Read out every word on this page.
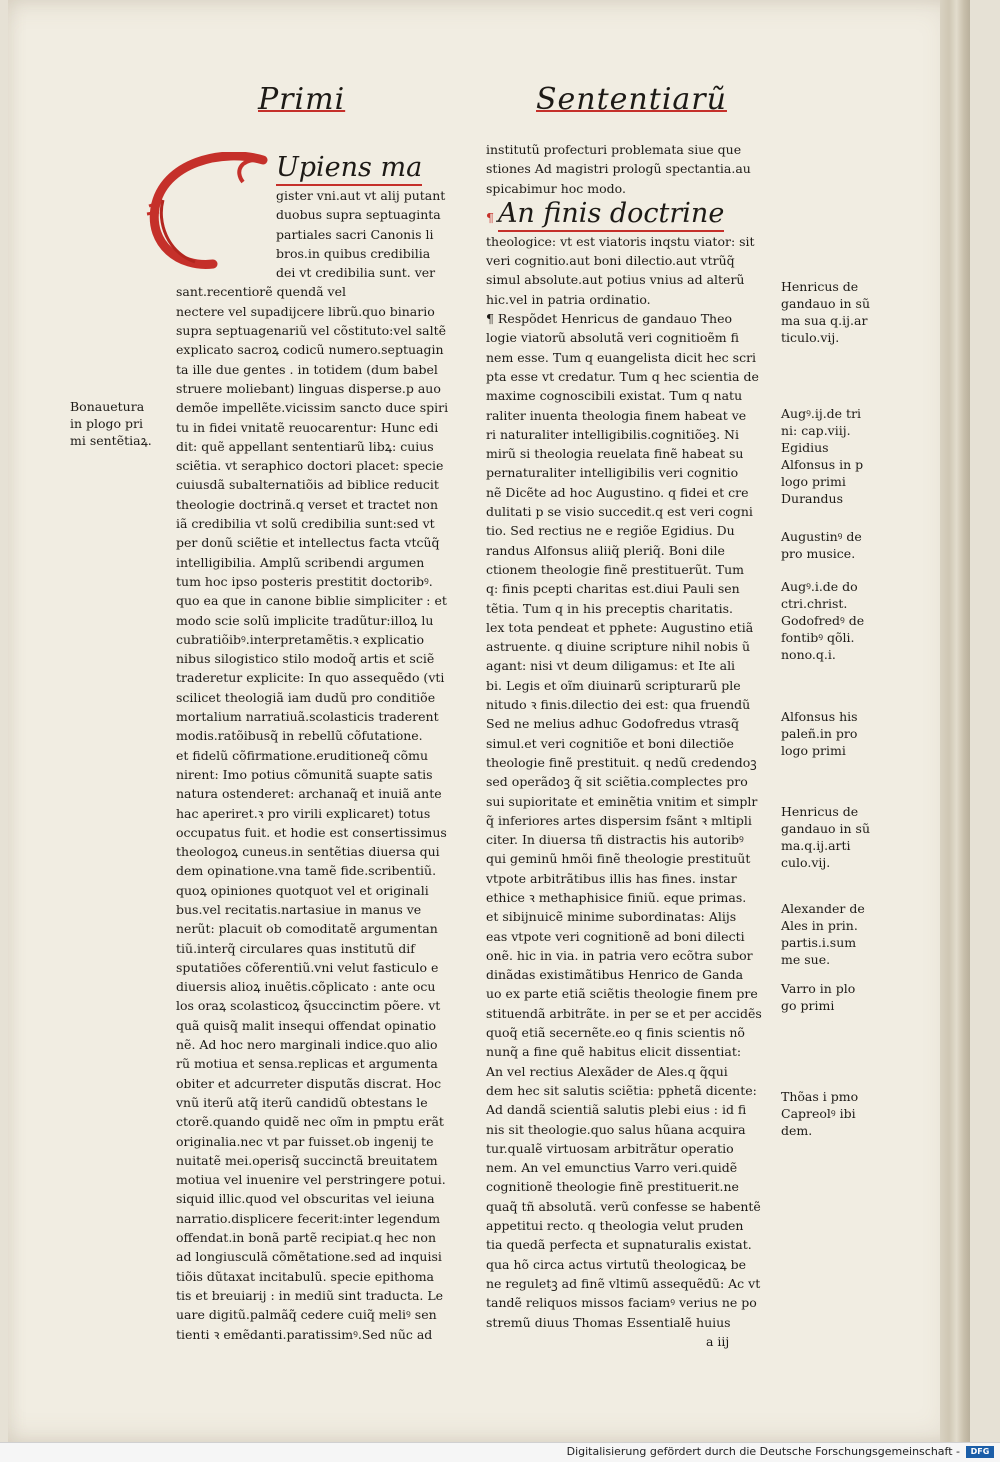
Primi	Sententiarũ
Upiens ma
gister vni.aut vt alij putant
duobus supra septuaginta
partiales sacri Canonis li
bros.in quibus credibilia
dei vt credibilia sunt. ver
sant.recentiorẽ quendã vel
nectere vel supadijcere librũ.quo binario
supra septuagenariũ vel cõstituto:vel saltẽ
explicato sacroꝝ codicũ numero.septuagin
ta ille due gentes . in totidem (dum babel
struere moliebant) linguas disperse.p auo
demõe impellẽte.vicissim sancto duce spiri
tu in fidei vnitatẽ reuocarentur: Hunc edi
dit: quẽ appellant sententiarũ libꝝ: cuius
sciẽtia. vt seraphico doctori placet: specie
cuiusdã subalternatiõis ad biblice reducit
theologie doctrinã.q verset et tractet non
iã credibilia vt solũ credibilia sunt:sed vt
per donũ sciẽtie et intellectus facta vtcũq̃
intelligibilia. Amplũ scribendi argumen
tum hoc ipso posteris prestitit doctoribꝰ.
quo ea que in canone biblie simpliciter : et
modo scie solũ implicite tradũtur:illoꝝ lu
cubratiõibꝰ.interpretamẽtis.ꝛ explicatio
nibus silogistico stilo modoq̃ artis et sciẽ
traderetur explicite: In quo assequẽdo (vti
scilicet theologiã iam dudũ pro conditiõe
mortalium narratiuã.scolasticis traderent
modis.ratõibusq̃ in rebellũ cõfutatione.
et fidelũ cõfirmatione.eruditioneq̃ cõmu
nirent: Imo potius cõmunitã suapte satis
natura ostenderet: archanaq̃ et inuiã ante
hac aperiret.ꝛ pro virili explicaret) totus
occupatus fuit. et hodie est consertissimus
theologoꝝ cuneus.in sentẽtias diuersa qui
dem opinatione.vna tamẽ fide.scribentiũ.
quoꝝ opiniones quotquot vel et originali
bus.vel recitatis.nartasiue in manus ve
nerũt: placuit ob comoditatẽ argumentan
tiũ.interq̃ circulares quas institutũ dif
sputatiões cõferentiũ.vni velut fasticulo e
diuersis alioꝝ inuẽtis.cõplicato : ante ocu
los oraꝝ scolasticoꝝ q̃succinctim põere. vt
quã quisq̃ malit insequi offendat opinatio
nẽ. Ad hoc nero marginali indice.quo alio
rũ motiua et sensa.replicas et argumenta
obiter et adcurreter disputãs discrat. Hoc
vnũ iterũ atq̃ iterũ candidũ obtestans le
ctorẽ.quando quidẽ nec oĩm in pmptu erãt
originalia.nec vt par fuisset.ob ingenij te
nuitatẽ mei.operisq̃ succinctã breuitatem
motiua vel inuenire vel perstringere potui.
siquid illic.quod vel obscuritas vel ieiuna
narratio.displicere fecerit:inter legendum
offendat.in bonã partẽ recipiat.q hec non
ad longiusculã cõmẽtatione.sed ad inquisi
tiõis dũtaxat incitabulũ. specie epithoma
tis et breuiarij : in mediũ sint traducta. Le
uare digitũ.palmãq̃ cedere cuiq̃ meliꝰ sen
tienti ꝛ emẽdanti.paratissimꝰ.Sed nũc ad
institutũ profecturi problemata siue que
stiones Ad magistri prologũ spectantia.au
spicabimur hoc modo.
¶ An finis doctrine
theologice: vt est viatoris inqstu viator: sit
veri cognitio.aut boni dilectio.aut vtrũq̃
simul absolute.aut potius vnius ad alterũ
hic.vel in patria ordinatio.
¶ Respõdet Henricus de gandauo Theo
logie viatorũ absolutã veri cognitioẽm fi
nem esse. Tum q euangelista dicit hec scri
pta esse vt credatur. Tum q hec scientia de
maxime cognoscibili existat. Tum q natu
raliter inuenta theologia finem habeat ve
ri naturaliter intelligibilis.cognitiõeꝫ. Ni
mirũ si theologia reuelata finẽ habeat su
pernaturaliter intelligibilis veri cognitio
nẽ Dicẽte ad hoc Augustino. q fidei et cre
dulitati p se visio succedit.q est veri cogni
tio. Sed rectius ne e regiõe Egidius. Du
randus Alfonsus aliiq̃ pleriq̃. Boni dile
ctionem theologie finẽ prestituerũt. Tum
q: finis pcepti charitas est.diui Pauli sen
tẽtia. Tum q in his preceptis charitatis.
lex tota pendeat et pphete: Augustino etiã
astruente. q diuine scripture nihil nobis ũ
agant: nisi vt deum diligamus: et Ite ali
bi. Legis et oĩm diuinarũ scripturarũ ple
nitudo ꝛ finis.dilectio dei est: qua fruendũ
Sed ne melius adhuc Godofredus vtrasq̃
simul.et veri cognitiõe et boni dilectiõe
theologie finẽ prestituit. q nedũ credendoꝫ
sed operãdoꝫ q̃ sit sciẽtia.complectes pro
sui supioritate et eminẽtia vnitim et simplr
q̃ inferiores artes dispersim fsãnt ꝛ mltipli
citer. In diuersa tñ distractis his autoribꝰ
qui geminũ hmõi finẽ theologie prestituũt
vtpote arbitrãtibus illis has fines. instar
ethice ꝛ methaphisice finiũ. eque primas.
et sibijnuicẽ minime subordinatas: Alijs
eas vtpote veri cognitionẽ ad boni dilecti
onẽ. hic in via. in patria vero ecõtra subor
dinãdas existimãtibus Henrico de Ganda
uo ex parte etiã sciẽtis theologie finem pre
stituendã arbitrãte. in per se et per accidẽs
quoq̃ etiã secernẽte.eo q finis scientis nõ
nunq̃ a fine quẽ habitus elicit dissentiat:
An vel rectius Alexãder de Ales.q q̃qui
dem hec sit salutis sciẽtia: pphetã dicente:
Ad dandã scientiã salutis plebi eius : id fi
nis sit theologie.quo salus hũana acquira
tur.qualẽ virtuosam arbitrãtur operatio
nem. An vel emunctius Varro veri.quidẽ
cognitionẽ theologie finẽ prestituerit.ne
quaq̃ tñ absolutã. verũ confesse se habentẽ
appetitui recto. q theologia velut pruden
tia quedã perfecta et supnaturalis existat.
qua hõ circa actus virtutũ theologicaꝝ be
ne reguletꝫ ad finẽ vltimũ assequẽdũ: Ac vt
tandẽ reliquos missos faciamꝰ verius ne po
stremũ diuus Thomas Essentialẽ huius
a iij
Bonauetura
in plogo pri
mi sentẽtiaꝝ.
Henricus de
gandauo in sũ
ma sua q.ij.ar
ticulo.vij.
Augꝰ.ij.de tri
ni: cap.viij.
Egidius
Alfonsus in p
logo primi
Durandus
Augustinꝰ de
pro musice.
Augꝰ.i.de do
ctri.christ.
Godofredꝰ de
fontibꝰ qõli.
nono.q.i.
Alfonsus his
paleñ.in pro
logo primi
Henricus de
gandauo in sũ
ma.q.ij.arti
culo.vij.
Alexander de
Ales in prin.
partis.i.sum
me sue.
Varro in plo
go primi
Thõas i pmo
Capreolꝰ ibi
dem.
Digitalisierung gefördert durch die Deutsche Forschungsgemeinschaft -	DFG
